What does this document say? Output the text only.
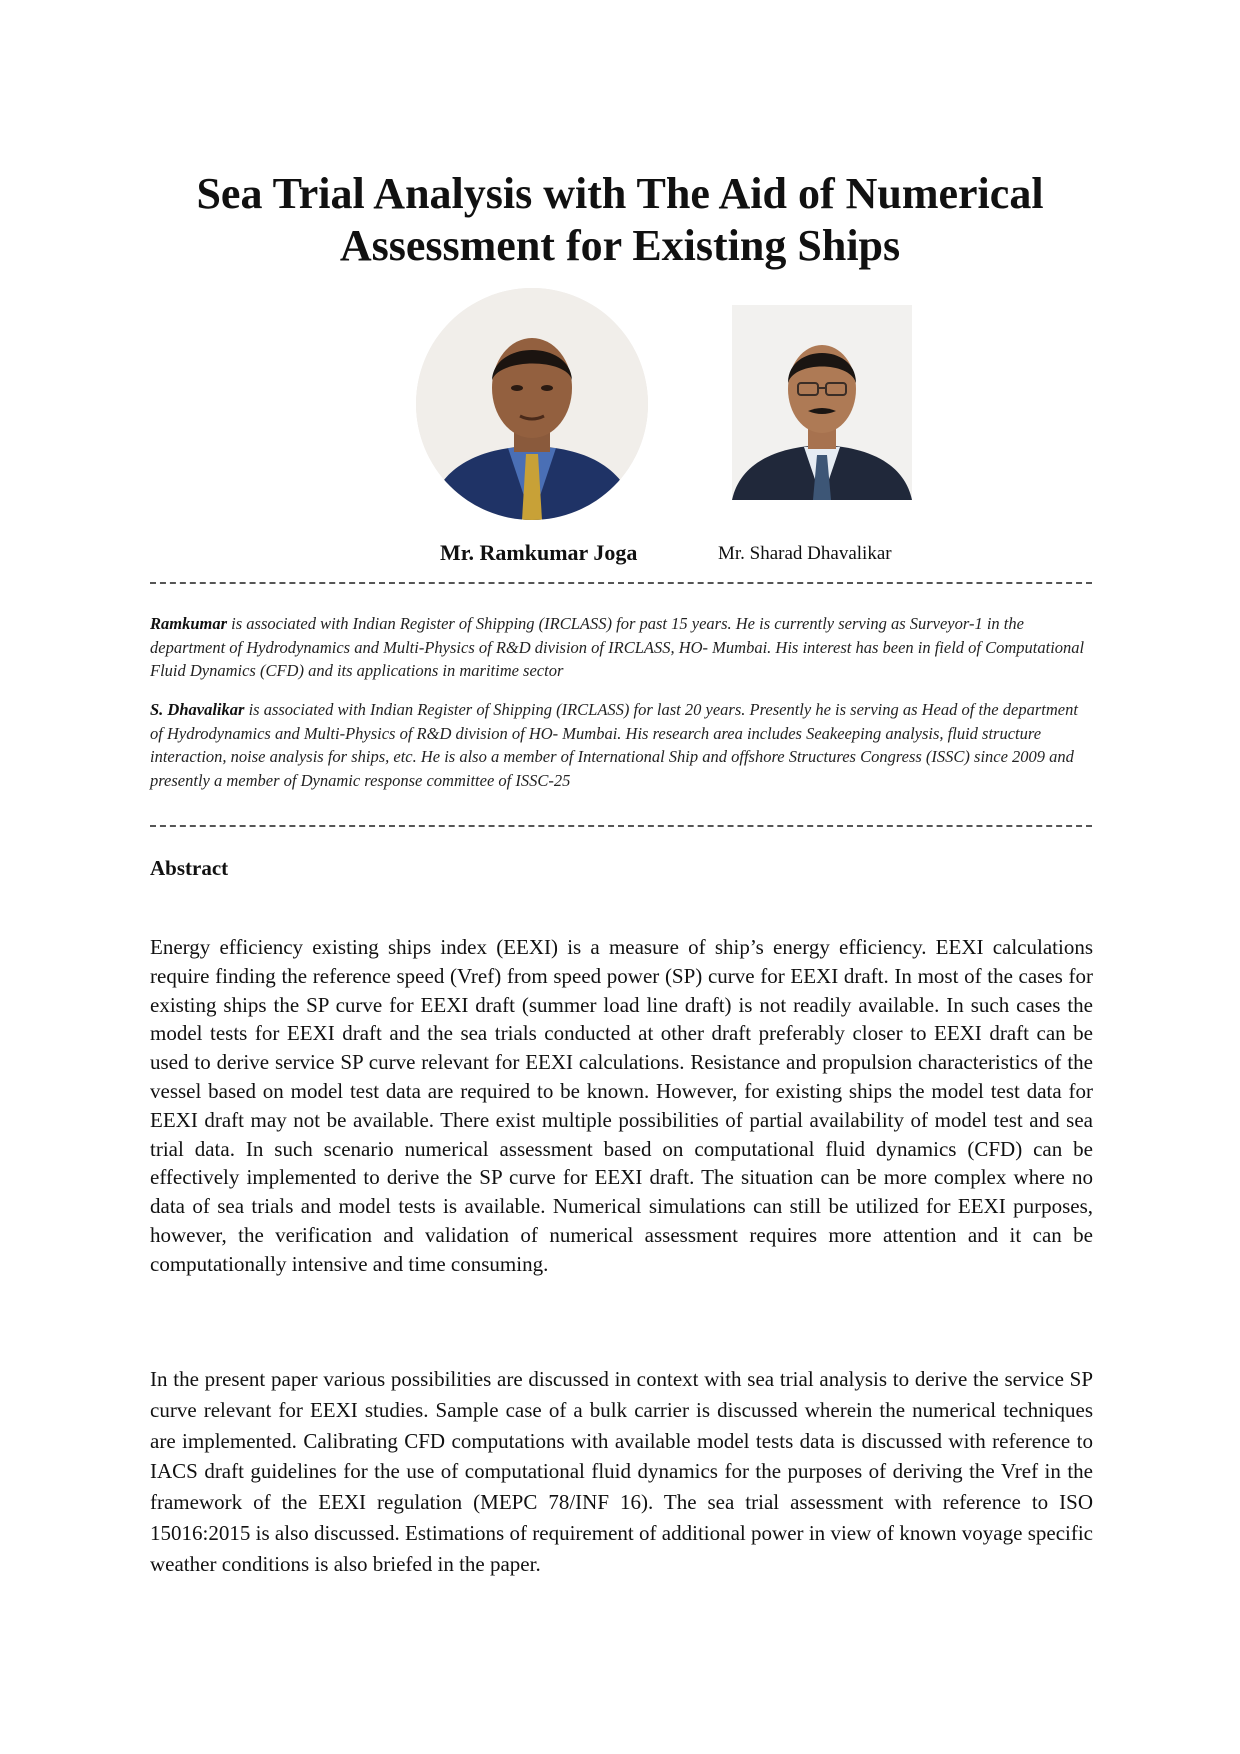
Sea Trial Analysis with The Aid of Numerical
Assessment for Existing Ships
Mr. Ramkumar Joga	Mr. Sharad Dhavalikar

Ramkumar is associated with Indian Register of Shipping (IRCLASS) for past 15 years. He is currently serving as Surveyor-1 in the department of Hydrodynamics and Multi-Physics of R&D division of IRCLASS, HO- Mumbai. His interest has been in field of Computational Fluid Dynamics (CFD) and its applications in maritime sector

S. Dhavalikar is associated with Indian Register of Shipping (IRCLASS) for last 20 years. Presently he is serving as Head of the department of Hydrodynamics and Multi-Physics of R&D division of HO- Mumbai. His research area includes Seakeeping analysis, fluid structure interaction, noise analysis for ships, etc. He is also a member of International Ship and offshore Structures Congress (ISSC) since 2009 and presently a member of Dynamic response committee of ISSC-25

Abstract

Energy efficiency existing ships index (EEXI) is a measure of ship’s energy efficiency. EEXI calculations require finding the reference speed (Vref) from speed power (SP) curve for EEXI draft. In most of the cases for existing ships the SP curve for EEXI draft (summer load line draft) is not readily available. In such cases the model tests for EEXI draft and the sea trials conducted at other draft preferably closer to EEXI draft can be used to derive service SP curve relevant for EEXI calculations. Resistance and propulsion characteristics of the vessel based on model test data are required to be known. However, for existing ships the model test data for EEXI draft may not be available. There exist multiple possibilities of partial availability of model test and sea trial data. In such scenario numerical assessment based on computational fluid dynamics (CFD) can be effectively implemented to derive the SP curve for EEXI draft. The situation can be more complex where no data of sea trials and model tests is available. Numerical simulations can still be utilized for EEXI purposes, however, the verification and validation of numerical assessment requires more attention and it can be computationally intensive and time consuming.

In the present paper various possibilities are discussed in context with sea trial analysis to derive the service SP curve relevant for EEXI studies. Sample case of a bulk carrier is discussed wherein the numerical techniques are implemented. Calibrating CFD computations with available model tests data is discussed with reference to IACS draft guidelines for the use of computational fluid dynamics for the purposes of deriving the Vref in the framework of the EEXI regulation (MEPC 78/INF 16). The sea trial assessment with reference to ISO 15016:2015 is also discussed. Estimations of requirement of additional power in view of known voyage specific weather conditions is also briefed in the paper.
